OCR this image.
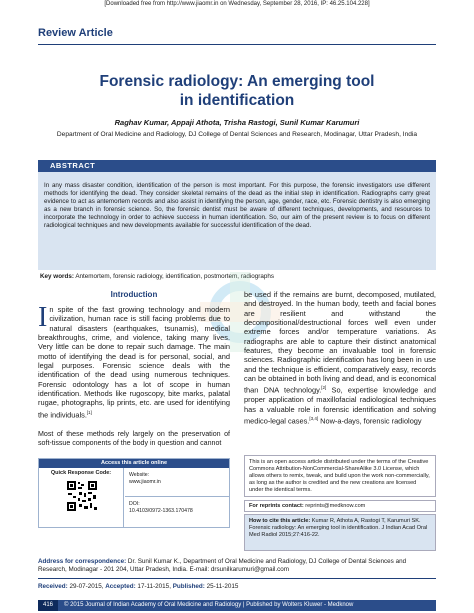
[Downloaded free from http://www.jiaomr.in on Wednesday, September 28, 2016, IP: 46.25.104.228]
Review Article
Forensic radiology: An emerging tool
in identification
Raghav Kumar, Appaji Athota, Trisha Rastogi, Sunil Kumar Karumuri
Department of Oral Medicine and Radiology, DJ College of Dental Sciences and Research, Modinagar, Uttar Pradesh, India
ABSTRACT
In any mass disaster condition, identification of the person is most important. For this purpose, the forensic investigators use different methods for identifying the dead. They consider skeletal remains of the dead as the initial step in identification. Radiographs carry great evidence to act as antemortem records and also assist in identifying the person, age, gender, race, etc. Forensic dentistry is also emerging as a new branch in forensic science. So, the forensic dentist must be aware of different techniques, developments, and resources to incorporate the technology in order to achieve success in human identification. So, our aim of the present review is to focus on different radiological techniques and new developments available for successful identification of the dead.
Key words: Antemortem, forensic radiology, identification, postmortem, radiographs
Introduction
In spite of the fast growing technology and modern civilization, human race is still facing problems due to natural disasters (earthquakes, tsunamis), medical breakthroughs, crime, and violence, taking many lives. Very little can be done to repair such damage. The main motto of identifying the dead is for personal, social, and legal purposes. Forensic science deals with the identification of the dead using numerous techniques. Forensic odontology has a lot of scope in human identification. Methods like rugoscopy, bite marks, palatal rugae, photographs, lip prints, etc. are used for identifying the individuals.[1]
Most of these methods rely largely on the preservation of soft-tissue components of the body in question and cannot
be used if the remains are burnt, decomposed, mutilated, and destroyed. In the human body, teeth and facial bones are resilient and withstand the decompositional/destructional forces well even under extreme forces and/or temperature variations. As radiographs are able to capture their distinct anatomical features, they become an invaluable tool in forensic sciences. Radiographic identification has long been in use and the technique is efficient, comparatively easy, records can be obtained in both living and dead, and is economical than DNA technology.[2] So, expertise knowledge and proper application of maxillofacial radiological techniques has a valuable role in forensic identification and solving medico-legal cases.[3,4] Now-a-days, forensic radiology
Access this article online
Quick Response Code:	Website:
www.jiaomr.in
DOI:
10.4103/0972-1363.170478
This is an open access article distributed under the terms of the Creative Commons Attribution-NonCommercial-ShareAlike 3.0 License, which allows others to remix, tweak, and build upon the work non-commercially, as long as the author is credited and the new creations are licensed under the identical terms.
For reprints contact: reprints@medknow.com
How to cite this article: Kumar R, Athota A, Rastogi T, Karumuri SK. Forensic radiology: An emerging tool in identification. J Indian Acad Oral Med Radiol 2015;27:416-22.
Address for correspondence: Dr. Sunil Kumar K., Department of Oral Medicine and Radiology, DJ College of Dental Sciences and Research, Modinagar - 201 204, Uttar Pradesh, India. E-mail: drsunilkarumuri@gmail.com
Received: 29-07-2015, Accepted: 17-11-2015, Published: 25-11-2015
416 © 2015 Journal of Indian Academy of Oral Medicine and Radiology | Published by Wolters Kluwer - Medknow
